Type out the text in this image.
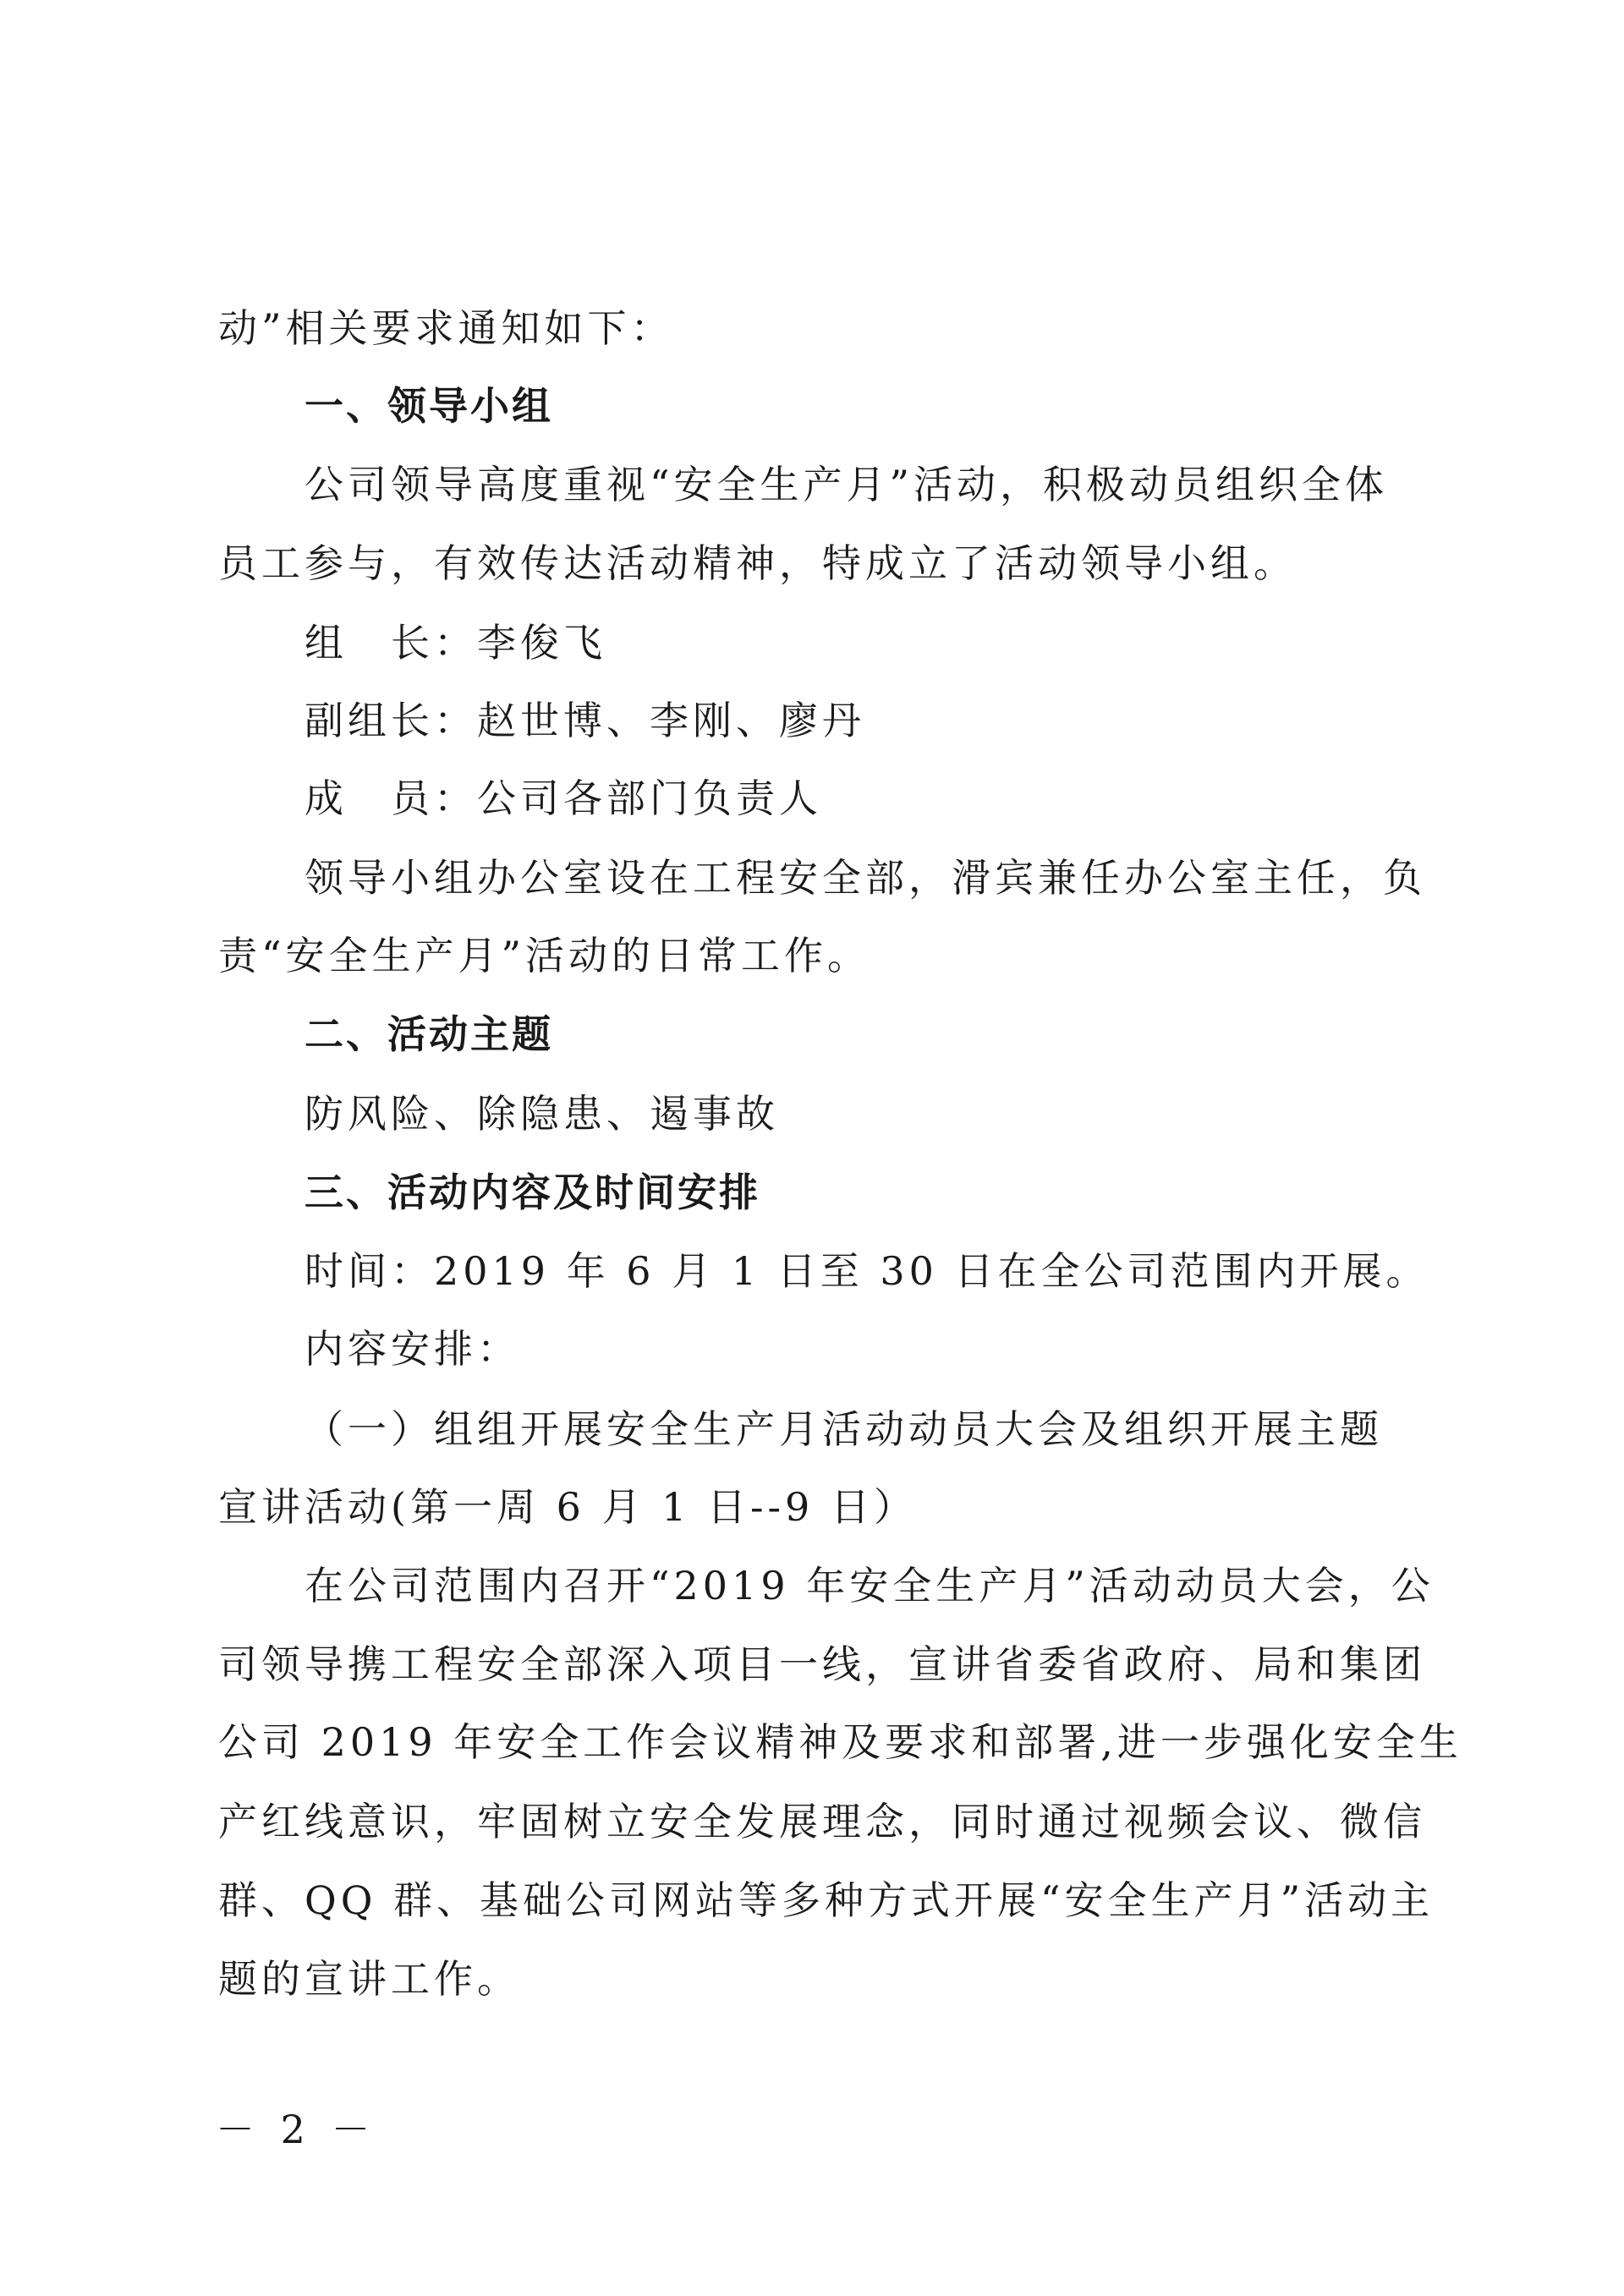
动”相关要求通知如下：
一、领导小组
公司领导高度重视“安全生产月”活动，积极动员组织全体
员工参与，有效传达活动精神，特成立了活动领导小组。
组　长：李俊飞
副组长：赵世博、李刚、廖丹
成　员：公司各部门负责人
领导小组办公室设在工程安全部，滑宾兼任办公室主任，负
责“安全生产月”活动的日常工作。
二、活动主题
防风险、除隐患、遏事故
三、活动内容及时间安排
时间：2019 年 6 月 1 日至 30 日在全公司范围内开展。
内容安排：
（一）组组开展安全生产月活动动员大会及组织开展主题
宣讲活动(第一周 6 月 1 日--9 日）
在公司范围内召开“2019 年安全生产月”活动动员大会，公
司领导携工程安全部深入项目一线，宣讲省委省政府、局和集团
公司 2019 年安全工作会议精神及要求和部署,进一步强化安全生
产红线意识，牢固树立安全发展理念，同时通过视频会议、微信
群、QQ 群、基础公司网站等多种方式开展“安全生产月”活动主
题的宣讲工作。
－ 2 －
